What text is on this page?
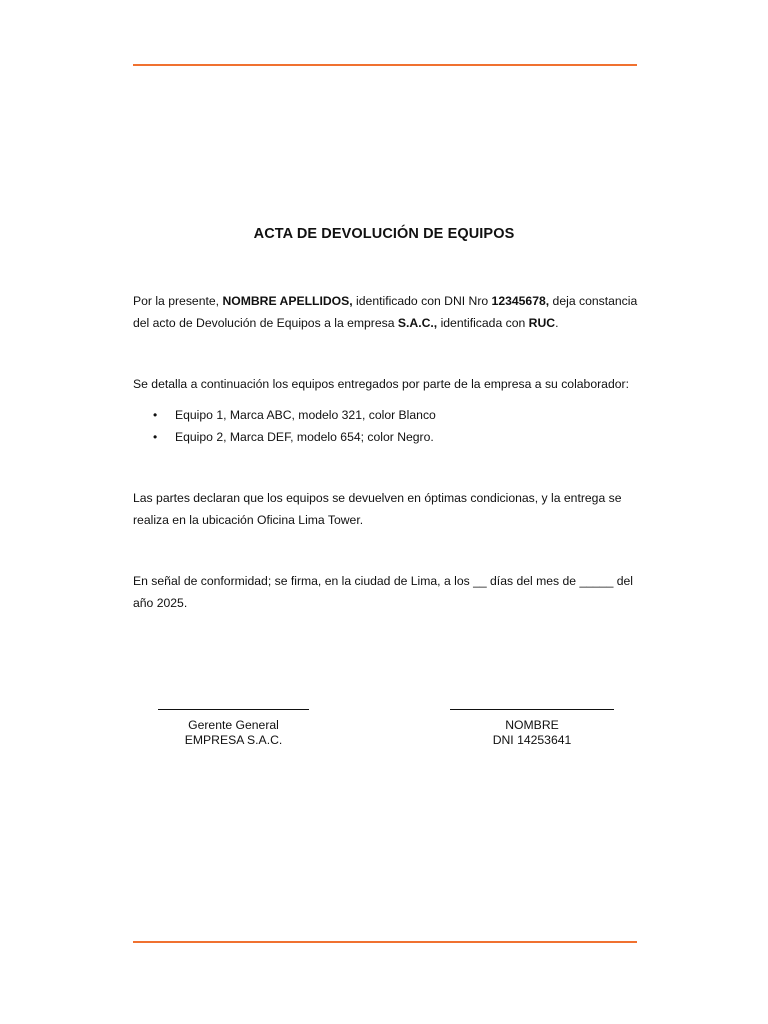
ACTA DE DEVOLUCIÓN DE EQUIPOS
Por la presente, NOMBRE APELLIDOS, identificado con DNI Nro 12345678, deja constancia del acto de Devolución de Equipos a la empresa S.A.C., identificada con RUC.
Se detalla a continuación los equipos entregados por parte de la empresa a su colaborador:
• Equipo 1, Marca ABC, modelo 321, color Blanco
• Equipo 2, Marca DEF, modelo 654; color Negro.
Las partes declaran que los equipos se devuelven en óptimas condicionas, y la entrega se realiza en la ubicación Oficina Lima Tower.
En señal de conformidad; se firma, en la ciudad de Lima, a los __ días del mes de _____ del año 2025.
Gerente General
EMPRESA S.A.C.
NOMBRE
DNI 14253641
